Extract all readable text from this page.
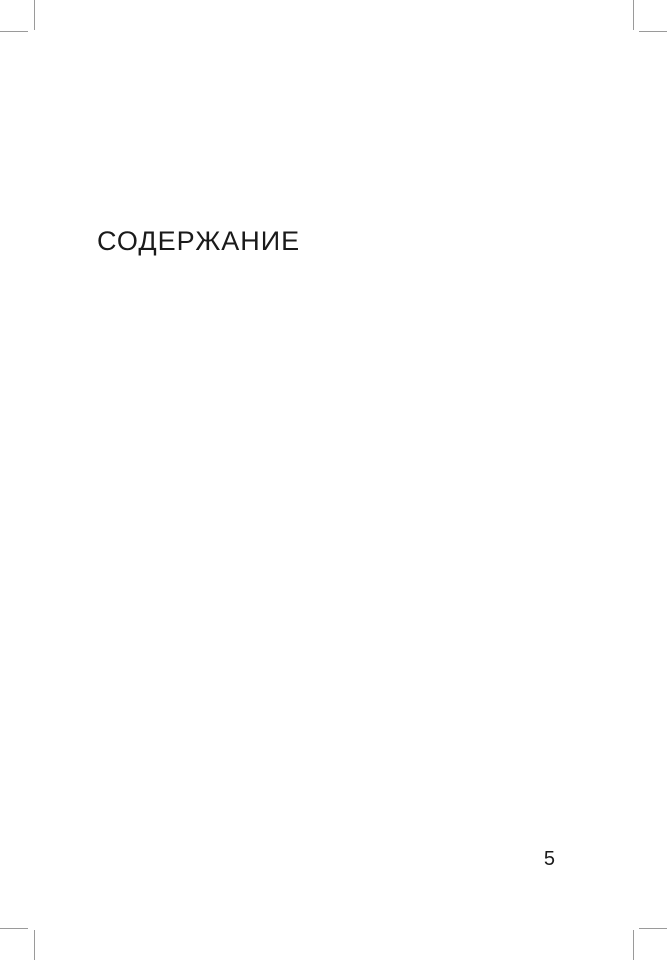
СОДЕРЖАНИЕ
5
